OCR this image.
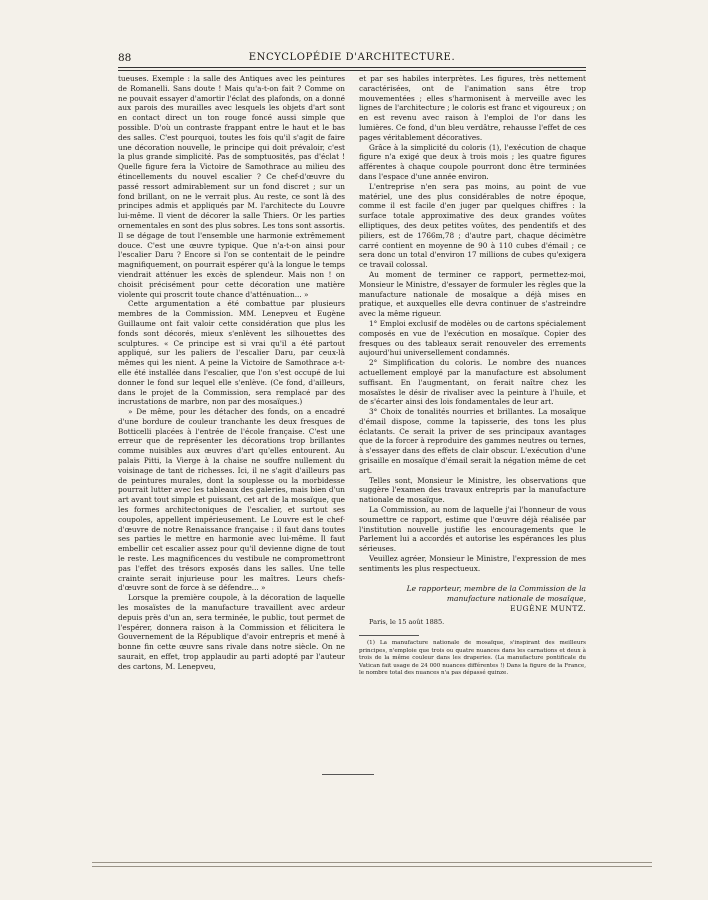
88	ENCYCLOPÉDIE D'ARCHITECTURE.

tueuses. Exemple : la salle des Antiques avec les peintures de Romanelli. Sans doute ! Mais qu'a-t-on fait ? Comme on ne pouvait essayer d'amortir l'éclat des plafonds, on a donné aux parois des murailles avec lesquels les objets d'art sont en contact direct un ton rouge foncé aussi simple que possible. D'où un contraste frappant entre le haut et le bas des salles. C'est pourquoi, toutes les fois qu'il s'agit de faire une décoration nouvelle, le principe qui doit prévaloir, c'est la plus grande simplicité. Pas de somptuosités, pas d'éclat ! Quelle figure fera la Victoire de Samothrace au milieu des étincellements du nouvel escalier ? Ce chef-d'œuvre du passé ressort admirablement sur un fond discret ; sur un fond brillant, on ne le verrait plus. Au reste, ce sont là des principes admis et appliqués par M. l'architecte du Louvre lui-même. Il vient de décorer la salle Thiers. Or les parties ornementales en sont des plus sobres. Les tons sont assortis. Il se dégage de tout l'ensemble une harmonie extrêmement douce. C'est une œuvre typique. Que n'a-t-on ainsi pour l'escalier Daru ? Encore si l'on se contentait de le peindre magnifiquement, on pourrait espérer qu'à la longue le temps viendrait atténuer les excès de splendeur. Mais non ! on choisit précisément pour cette décoration une matière violente qui proscrit toute chance d'atténuation... »

Cette argumentation a été combattue par plusieurs membres de la Commission. MM. Lenepveu et Eugène Guillaume ont fait valoir cette considération que plus les fonds sont décorés, mieux s'enlèvent les silhouettes des sculptures. « Ce principe est si vrai qu'il a été partout appliqué, sur les paliers de l'escalier Daru, par ceux-là mêmes qui les nient. A peine la Victoire de Samothrace a-t-elle été installée dans l'escalier, que l'on s'est occupé de lui donner le fond sur lequel elle s'enlève. (Ce fond, d'ailleurs, dans le projet de la Commission, sera remplacé par des incrustations de marbre, non par des mosaïques.)

» De même, pour les détacher des fonds, on a encadré d'une bordure de couleur tranchante les deux fresques de Botticelli placées à l'entrée de l'école française. C'est une erreur que de représenter les décorations trop brillantes comme nuisibles aux œuvres d'art qu'elles entourent. Au palais Pitti, la Vierge à la chaise ne souffre nullement du voisinage de tant de richesses. Ici, il ne s'agit d'ailleurs pas de peintures murales, dont la souplesse ou la morbidesse pourrait lutter avec les tableaux des galeries, mais bien d'un art avant tout simple et puissant, cet art de la mosaïque, que les formes architectoniques de l'escalier, et surtout ses coupoles, appellent impérieusement. Le Louvre est le chef-d'œuvre de notre Renaissance française : il faut dans toutes ses parties le mettre en harmonie avec lui-même. Il faut embellir cet escalier assez pour qu'il devienne digne de tout le reste. Les magnificences du vestibule ne compromettront pas l'effet des trésors exposés dans les salles. Une telle crainte serait injurieuse pour les maîtres. Leurs chefs-d'œuvre sont de force à se défendre... »

Lorsque la première coupole, à la décoration de laquelle les mosaïstes de la manufacture travaillent avec ardeur depuis près d'un an, sera terminée, le public, tout permet de l'espérer, donnera raison à la Commission et félicitera le Gouvernement de la République d'avoir entrepris et mené à bonne fin cette œuvre sans rivale dans notre siècle. On ne saurait, en effet, trop applaudir au parti adopté par l'auteur des cartons, M. Lenepveu,

et par ses habiles interprètes. Les figures, très nettement caractérisées, ont de l'animation sans être trop mouvementées ; elles s'harmonisent à merveille avec les lignes de l'architecture ; le coloris est franc et vigoureux ; on en est revenu avec raison à l'emploi de l'or dans les lumières. Ce fond, d'un bleu verdâtre, rehausse l'effet de ces pages véritablement décoratives.

Grâce à la simplicité du coloris (1), l'exécution de chaque figure n'a exigé que deux à trois mois ; les quatre figures afférentes à chaque coupole pourront donc être terminées dans l'espace d'une année environ.

L'entreprise n'en sera pas moins, au point de vue matériel, une des plus considérables de notre époque, comme il est facile d'en juger par quelques chiffres : la surface totale approximative des deux grandes voûtes elliptiques, des deux petites voûtes, des pendentifs et des piliers, est de 1766m,78 ; d'autre part, chaque décimètre carré contient en moyenne de 90 à 110 cubes d'émail ; ce sera donc un total d'environ 17 millions de cubes qu'exigera ce travail colossal.

Au moment de terminer ce rapport, permettez-moi, Monsieur le Ministre, d'essayer de formuler les règles que la manufacture nationale de mosaïque a déjà mises en pratique, et auxquelles elle devra continuer de s'astreindre avec la même rigueur.

1° Emploi exclusif de modèles ou de cartons spécialement composés en vue de l'exécution en mosaïque. Copier des fresques ou des tableaux serait renouveler des errements aujourd'hui universellement condamnés.

2° Simplification du coloris. Le nombre des nuances actuellement employé par la manufacture est absolument suffisant. En l'augmentant, on ferait naître chez les mosaïstes le désir de rivaliser avec la peinture à l'huile, et de s'écarter ainsi des lois fondamentales de leur art.

3° Choix de tonalités nourries et brillantes. La mosaïque d'émail dispose, comme la tapisserie, des tons les plus éclatants. Ce serait la priver de ses principaux avantages que de la forcer à reproduire des gammes neutres ou ternes, à s'essayer dans des effets de clair obscur. L'exécution d'une grisaille en mosaïque d'émail serait la négation même de cet art.

Telles sont, Monsieur le Ministre, les observations que suggère l'examen des travaux entrepris par la manufacture nationale de mosaïque.

La Commission, au nom de laquelle j'ai l'honneur de vous soumettre ce rapport, estime que l'œuvre déjà réalisée par l'institution nouvelle justifie les encouragements que le Parlement lui a accordés et autorise les espérances les plus sérieuses.

Veuillez agréer, Monsieur le Ministre, l'expression de mes sentiments les plus respectueux.

Le rapporteur, membre de la Commission de la
manufacture nationale de mosaïque,
EUGÈNE MUNTZ.
Paris, le 15 août 1885.
(1) La manufacture nationale de mosaïque, s'inspirant des meilleurs principes, n'emploie que trois ou quatre nuances dans les carnations et deux à trois de la même couleur dans les draperies. (La manufacture pontificale du Vatican fait usage de 24 000 nuances différentes !) Dans la figure de la France, le nombre total des nuances n'a pas dépassé quinze.
